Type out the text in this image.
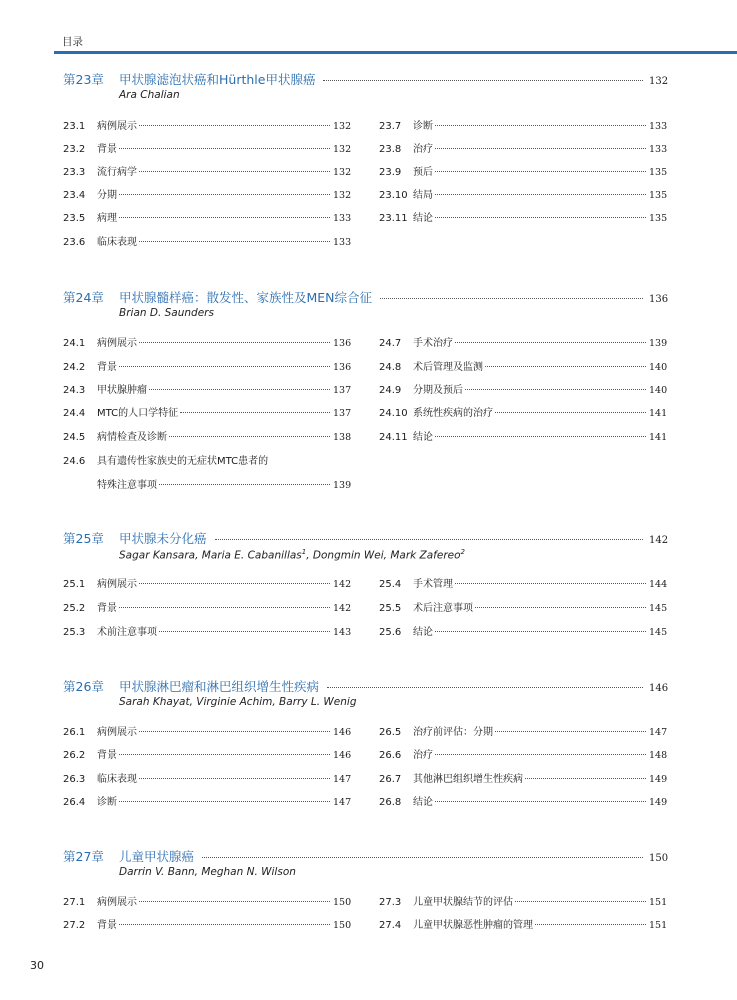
目录
第23章	甲状腺滤泡状癌和Hürthle甲状腺癌	132
Ara Chalian
23.1	病例展示	132
23.2	背景	132
23.3	流行病学	132
23.4	分期	132
23.5	病理	133
23.6	临床表现	133
23.7	诊断	133
23.8	治疗	133
23.9	预后	135
23.10 结局	135
23.11 结论	135
第24章	甲状腺髓样癌：散发性、家族性及MEN综合征	136
Brian D. Saunders
24.1	病例展示	136
24.2	背景	136
24.3	甲状腺肿瘤	137
24.4	MTC的人口学特征	137
24.5	病情检查及诊断	138
24.6	具有遗传性家族史的无症状MTC患者的
特殊注意事项	139
24.7	手术治疗	139
24.8	术后管理及监测	140
24.9	分期及预后	140
24.10 系统性疾病的治疗	141
24.11 结论	141
第25章	甲状腺未分化癌	142
Sagar Kansara, Maria E. Cabanillas$^1$, Dongmin Wei, Mark Zafereo$^2$
25.1	病例展示	142
25.2	背景	142
25.3	术前注意事项	143
25.4	手术管理	144
25.5	术后注意事项	145
25.6	结论	145
第26章	甲状腺淋巴瘤和淋巴组织增生性疾病	146
Sarah Khayat, Virginie Achim, Barry L. Wenig
26.1	病例展示	146
26.2	背景	146
26.3	临床表现	147
26.4	诊断	147
26.5	治疗前评估：分期	147
26.6	治疗	148
26.7	其他淋巴组织增生性疾病	149
26.8	结论	149
第27章	儿童甲状腺癌	150
Darrin V. Bann, Meghan N. Wilson
27.1	病例展示	150
27.2	背景	150
27.3	儿童甲状腺结节的评估	151
27.4	儿童甲状腺恶性肿瘤的管理	151
30
